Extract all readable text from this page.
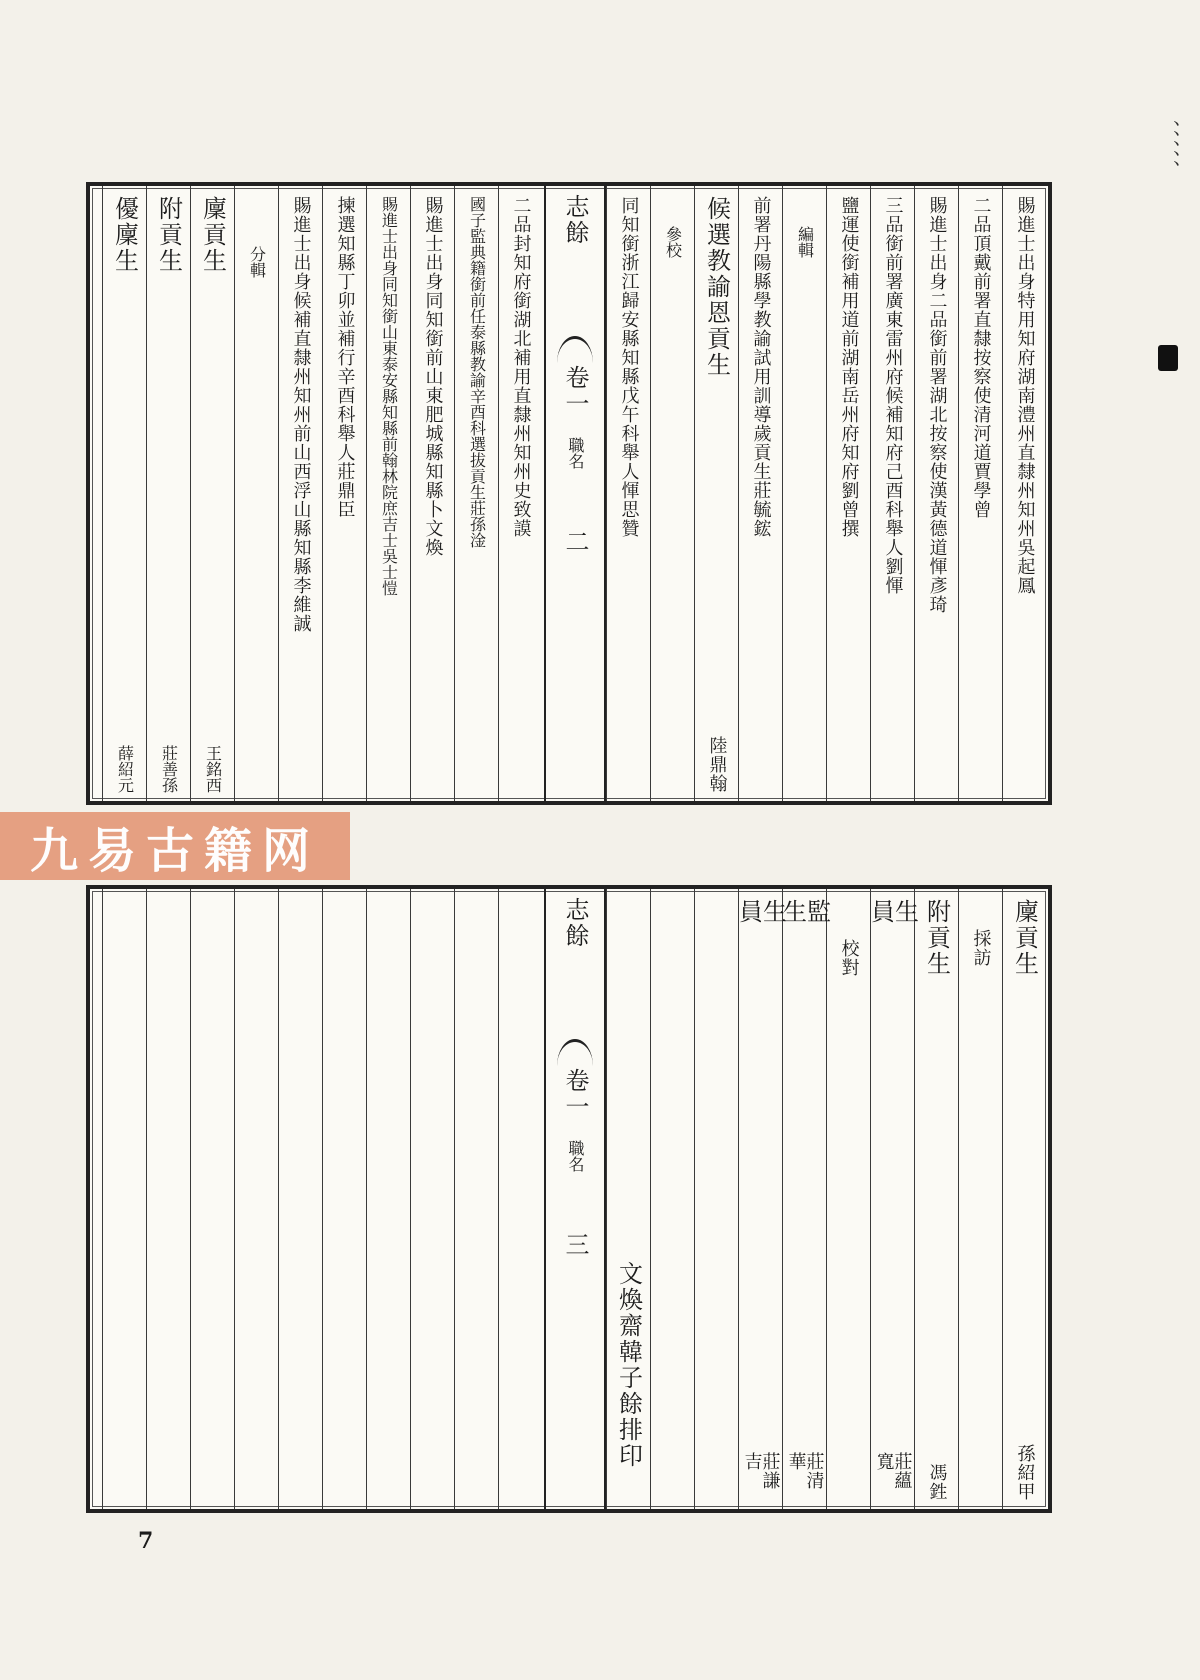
、、、、、
賜進士出身特用知府湖南澧州直隸州知州吳起鳳
二品頂戴前署直隸按察使清河道賈學曾
賜進士出身二品銜前署湖北按察使漢黃德道惲彥琦
三品銜前署廣東雷州府候補知府己酉科舉人劉
惲
鹽運使銜補用道前湖南岳州府知府劉曾撰
編輯
前署丹陽縣學教諭試用訓導歲貢生莊毓鋐
候選教諭恩貢生
陸鼎翰
參校
同知銜浙江歸安縣知縣戊午科舉人惲思贊
志餘
卷一
職名
二
二品封知府銜湖北補用直隸州知州史致謨
國子監典籍銜前任泰縣教諭辛酉科選拔貢生莊孫淦
賜進士出身同知銜前山東肥城縣知縣卜文煥
賜進士出身同知銜山東泰安縣知縣前翰林院庶吉士吳士愷
揀選知縣丁卯並補行辛酉科舉人莊鼎臣
賜進士出身候補直隸州知州前山西浮山縣知縣李維誠
分輯
廩貢生
王銘西
附貢生
莊善孫
優廩生
薛紹元
九易古籍网
廩貢生
孫紹甲
採訪
附貢生
馮鉎
生員
莊蘊寬
校對
監生
莊清華
生員
莊謙吉
文煥齋韓子餘排印
志餘
卷一
職名
三
7
